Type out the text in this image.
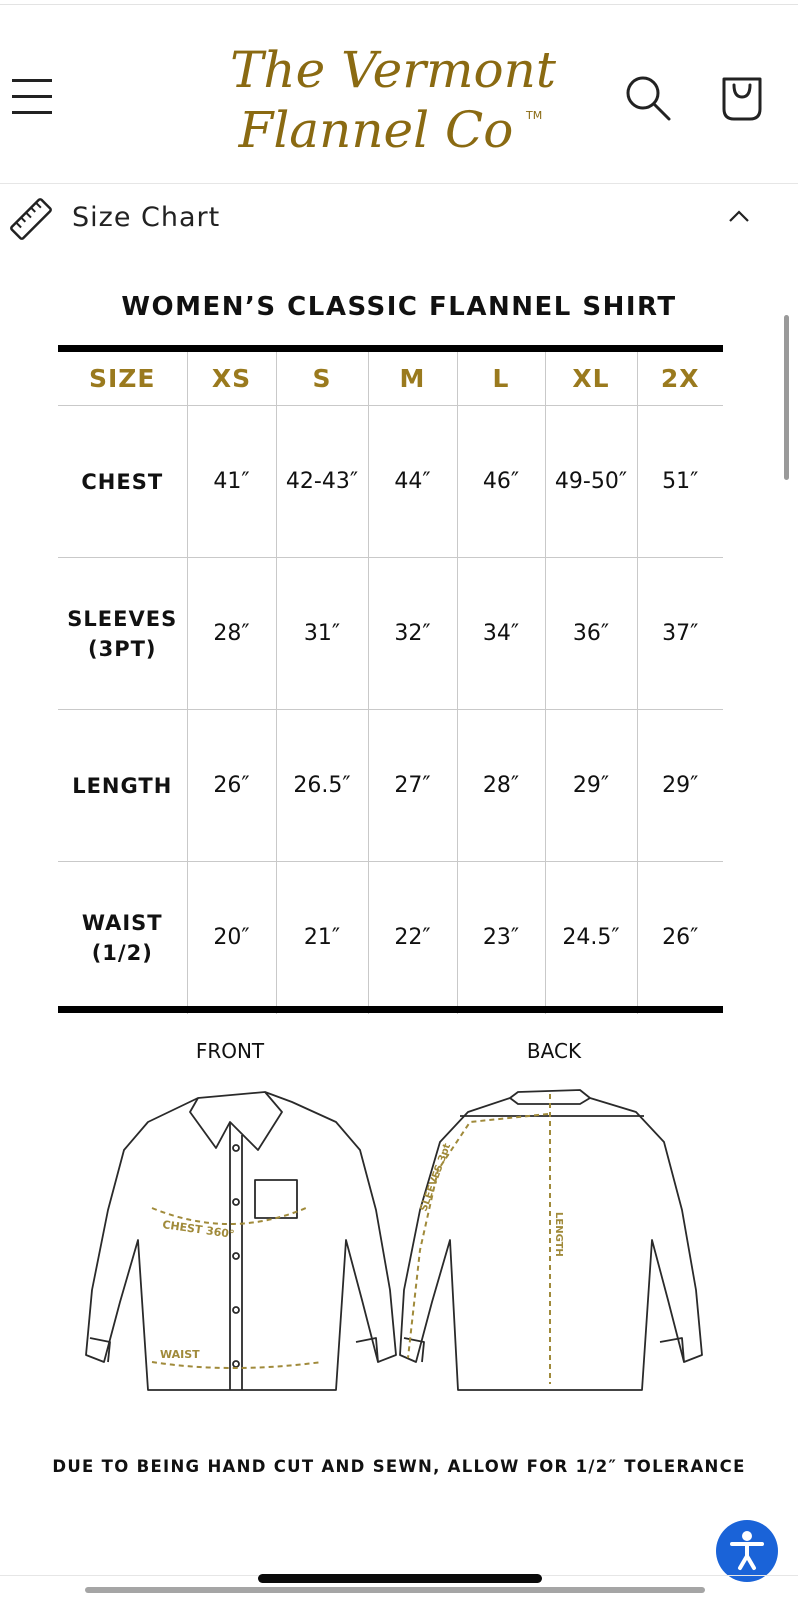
The Vermont
Flannel Co TM
Size Chart
WOMEN’S CLASSIC FLANNEL SHIRT
SIZE	XS	S	M	L	XL	2X

CHEST	41″	42-43″	44″	46″	49-50″	51″

SLEEVES
(3PT)	28″	31″	32″	34″	36″	37″

LENGTH	26″	26.5″	27″	28″	29″	29″

WAIST
(1/2)	20″	21″	22″	23″	24.5″	26″
FRONT	BACK
CHEST 360°
WAIST
SLEEVES 3pt
LENGTH
DUE TO BEING HAND CUT AND SEWN, ALLOW FOR 1/2″ TOLERANCE
